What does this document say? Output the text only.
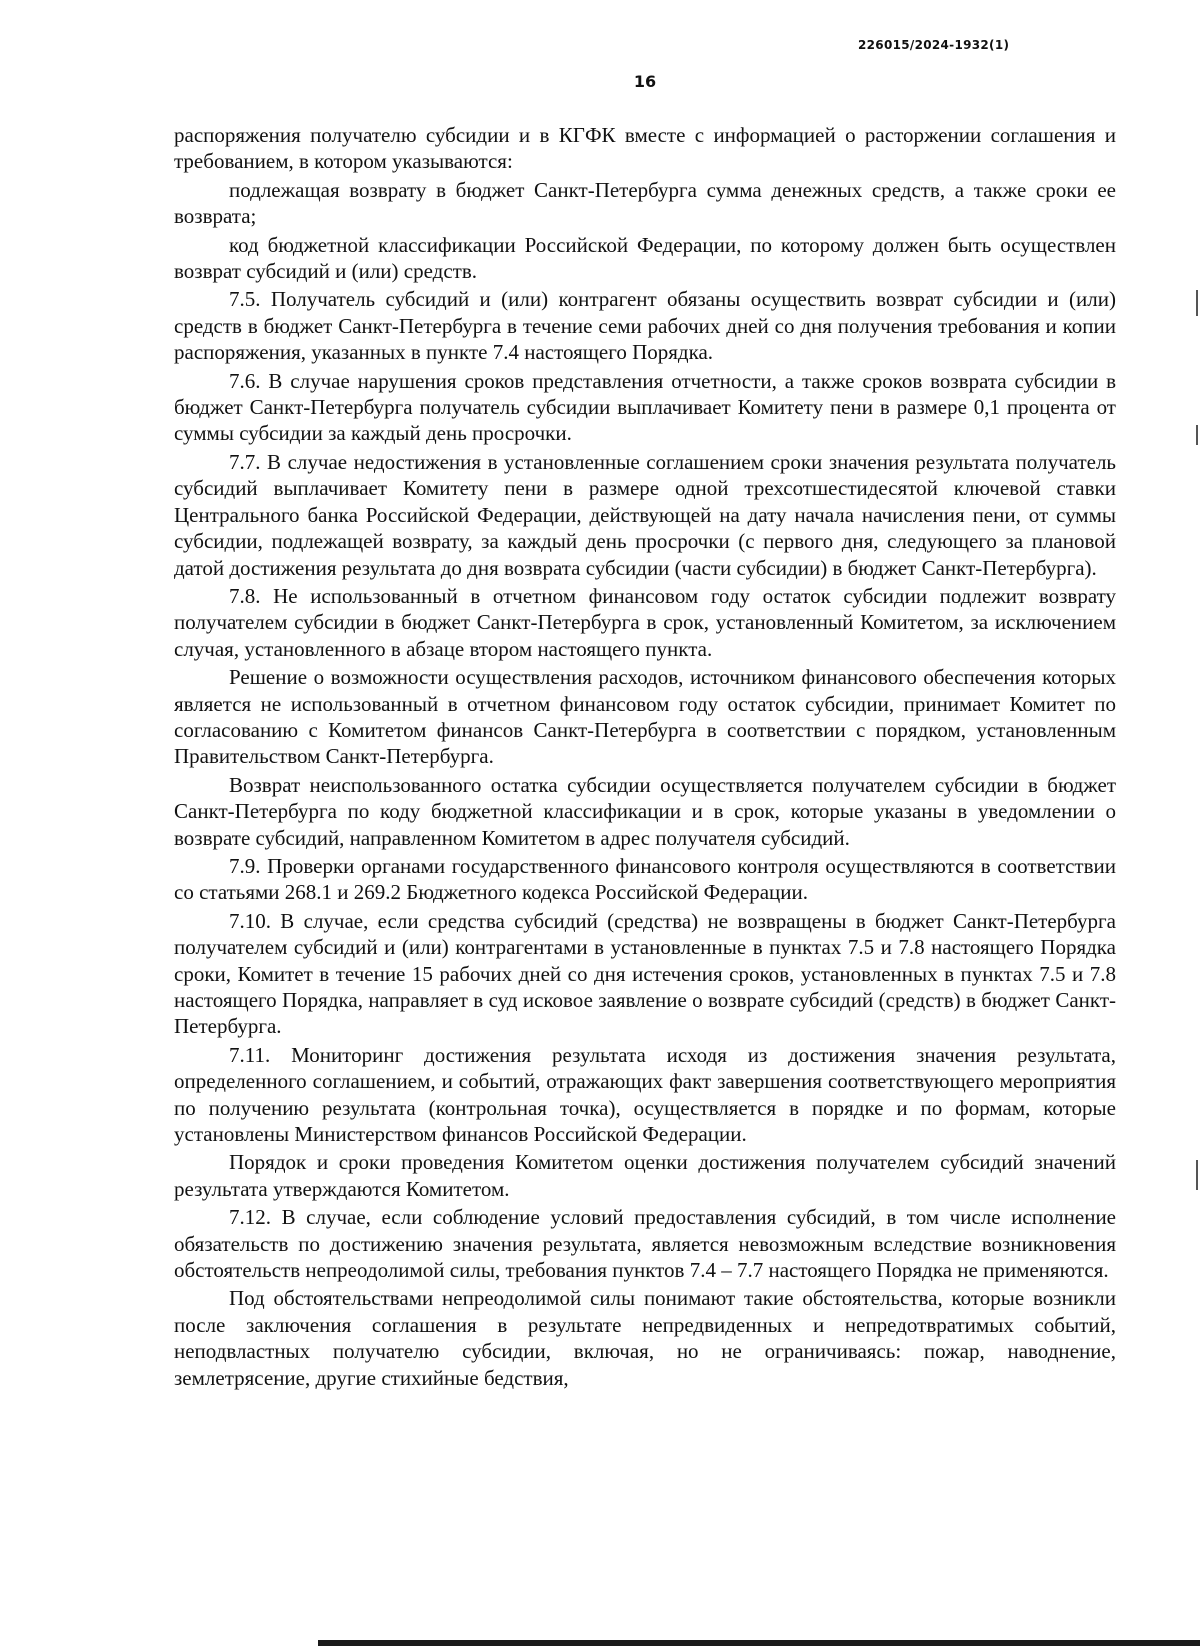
226015/2024-1932(1)
16

распоряжения получателю субсидии и в КГФК вместе с информацией о расторжении соглашения и требованием, в котором указываются:

подлежащая возврату в бюджет Санкт-Петербурга сумма денежных средств, а также сроки ее возврата;

код бюджетной классификации Российской Федерации, по которому должен быть осуществлен возврат субсидий и (или) средств.

7.5. Получатель субсидий и (или) контрагент обязаны осуществить возврат субсидии и (или) средств в бюджет Санкт-Петербурга в течение семи рабочих дней со дня получения требования и копии распоряжения, указанных в пункте 7.4 настоящего Порядка.

7.6. В случае нарушения сроков представления отчетности, а также сроков возврата субсидии в бюджет Санкт-Петербурга получатель субсидии выплачивает Комитету пени в размере 0,1 процента от суммы субсидии за каждый день просрочки.

7.7. В случае недостижения в установленные соглашением сроки значения результата получатель субсидий выплачивает Комитету пени в размере одной трехсотшестидесятой ключевой ставки Центрального банка Российской Федерации, действующей на дату начала начисления пени, от суммы субсидии, подлежащей возврату, за каждый день просрочки (с первого дня, следующего за плановой датой достижения результата до дня возврата субсидии (части субсидии) в бюджет Санкт-Петербурга).

7.8. Не использованный в отчетном финансовом году остаток субсидии подлежит возврату получателем субсидии в бюджет Санкт-Петербурга в срок, установленный Комитетом, за исключением случая, установленного в абзаце втором настоящего пункта.

Решение о возможности осуществления расходов, источником финансового обеспечения которых является не использованный в отчетном финансовом году остаток субсидии, принимает Комитет по согласованию с Комитетом финансов Санкт-Петербурга в соответствии с порядком, установленным Правительством Санкт-Петербурга.

Возврат неиспользованного остатка субсидии осуществляется получателем субсидии в бюджет Санкт-Петербурга по коду бюджетной классификации и в срок, которые указаны в уведомлении о возврате субсидий, направленном Комитетом в адрес получателя субсидий.

7.9. Проверки органами государственного финансового контроля осуществляются в соответствии со статьями 268.1 и 269.2 Бюджетного кодекса Российской Федерации.

7.10. В случае, если средства субсидий (средства) не возвращены в бюджет Санкт-Петербурга получателем субсидий и (или) контрагентами в установленные в пунктах 7.5 и 7.8 настоящего Порядка сроки, Комитет в течение 15 рабочих дней со дня истечения сроков, установленных в пунктах 7.5 и 7.8 настоящего Порядка, направляет в суд исковое заявление о возврате субсидий (средств) в бюджет Санкт-Петербурга.

7.11. Мониторинг достижения результата исходя из достижения значения результата, определенного соглашением, и событий, отражающих факт завершения соответствующего мероприятия по получению результата (контрольная точка), осуществляется в порядке и по формам, которые установлены Министерством финансов Российской Федерации.

Порядок и сроки проведения Комитетом оценки достижения получателем субсидий значений результата утверждаются Комитетом.

7.12. В случае, если соблюдение условий предоставления субсидий, в том числе исполнение обязательств по достижению значения результата, является невозможным вследствие возникновения обстоятельств непреодолимой силы, требования пунктов 7.4 – 7.7 настоящего Порядка не применяются.

Под обстоятельствами непреодолимой силы понимают такие обстоятельства, которые возникли после заключения соглашения в результате непредвиденных и непредотвратимых событий, неподвластных получателю субсидии, включая, но не ограничиваясь: пожар, наводнение, землетрясение, другие стихийные бедствия,
